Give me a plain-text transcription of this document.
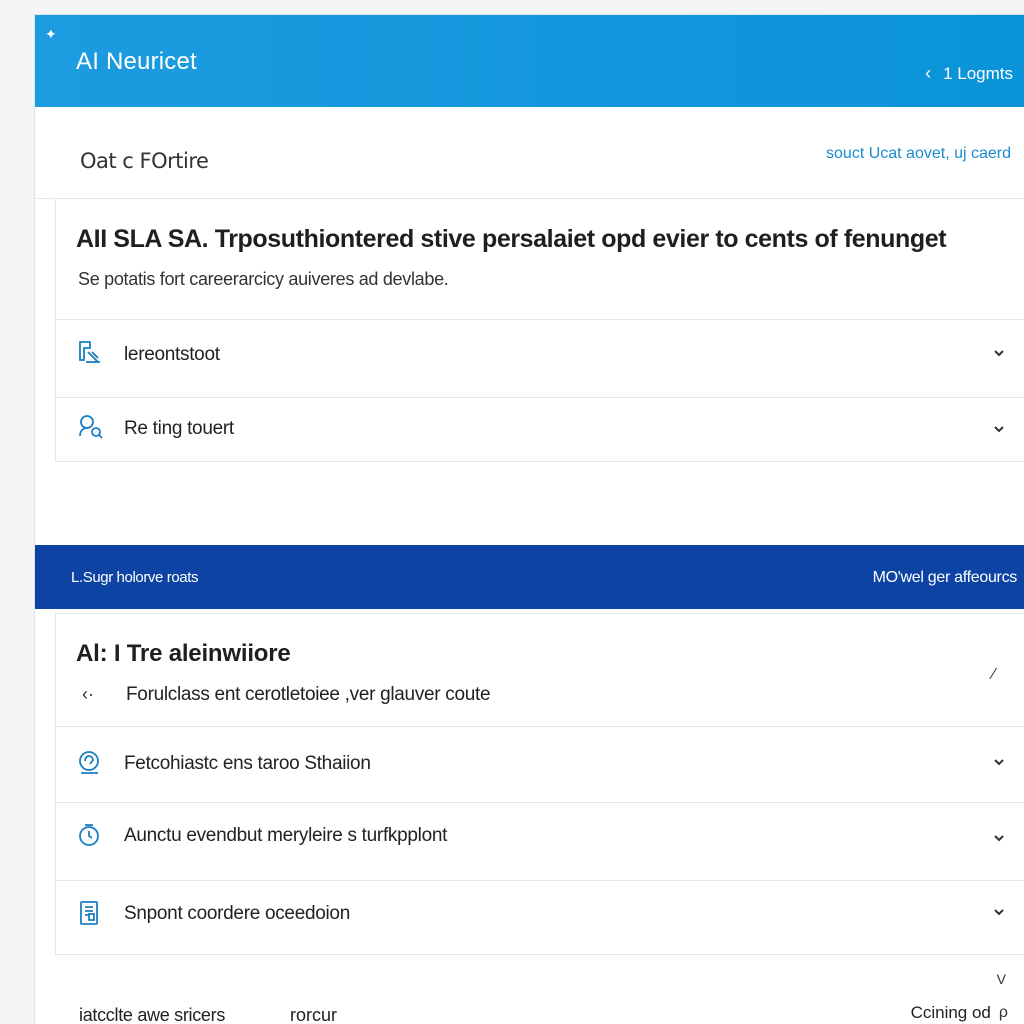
✦
AI Neuricet	‹ 1 Logmts
Oat c FOrtire	souct Ucat aovet, uj caerd
AII SLA SA. Trposuthiontered stive persalaiet opd evier to cents of fenunget
Se potatis fort careerarcicy auiveres ad devlabe.
lereontstoot
Re ting touert
L.Sugr holorve roats	MO'wel ger affeourcs
Al: I Tre aleinwiiore
‹· Forulclass ent cerotletoiee ,ver glauver coute
⁄
Fetcohiastc ens taroo Sthaiion
Aunctu evendbut meryleire s turfkpplont
Snpont coordere oceedoion
iatcclte awe sricers	rorcur
V
Ccining od ρ
